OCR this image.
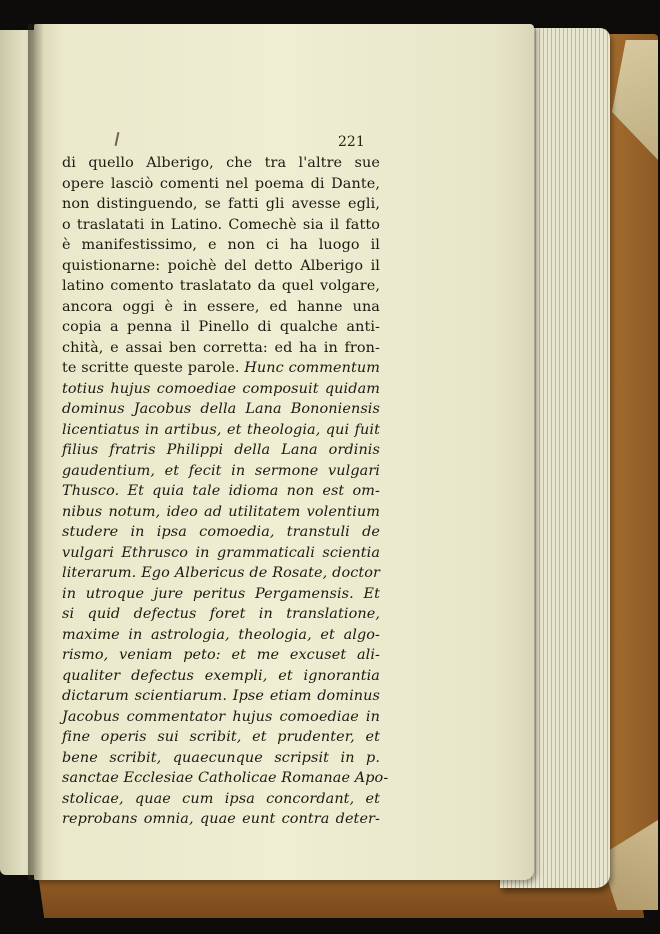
221
di quello Alberigo, che tra l'altre sue
opere lasciò comenti nel poema di Dante,
non distinguendo, se fatti gli avesse egli,
o traslatati in Latino. Comechè sia il fatto
è manifestissimo, e non ci ha luogo il
quistionarne: poichè del detto Alberigo il
latino comento traslatato da quel volgare,
ancora oggi è in essere, ed hanne una
copia a penna il Pinello di qualche anti-
chità, e assai ben corretta: ed ha in fron-
te scritte queste parole. Hunc commentum
totius hujus comoediae composuit quidam
dominus Jacobus della Lana Bononiensis
licentiatus in artibus, et theologia, qui fuit
filius fratris Philippi della Lana ordinis
gaudentium, et fecit in sermone vulgari
Thusco. Et quia tale idioma non est om-
nibus notum, ideo ad utilitatem volentium
studere in ipsa comoedia, transtuli de
vulgari Ethrusco in grammaticali scientia
literarum. Ego Albericus de Rosate, doctor
in utroque jure peritus Pergamensis. Et
si quid defectus foret in translatione,
maxime in astrologia, theologia, et algo-
rismo, veniam peto: et me excuset ali-
qualiter defectus exempli, et ignorantia
dictarum scientiarum. Ipse etiam dominus
Jacobus commentator hujus comoediae in
fine operis sui scribit, et prudenter, et
bene scribit, quaecunque scripsit in p.
sanctae Ecclesiae Catholicae Romanae Apo-
stolicae, quae cum ipsa concordant, et
reprobans omnia, quae eunt contra deter-
